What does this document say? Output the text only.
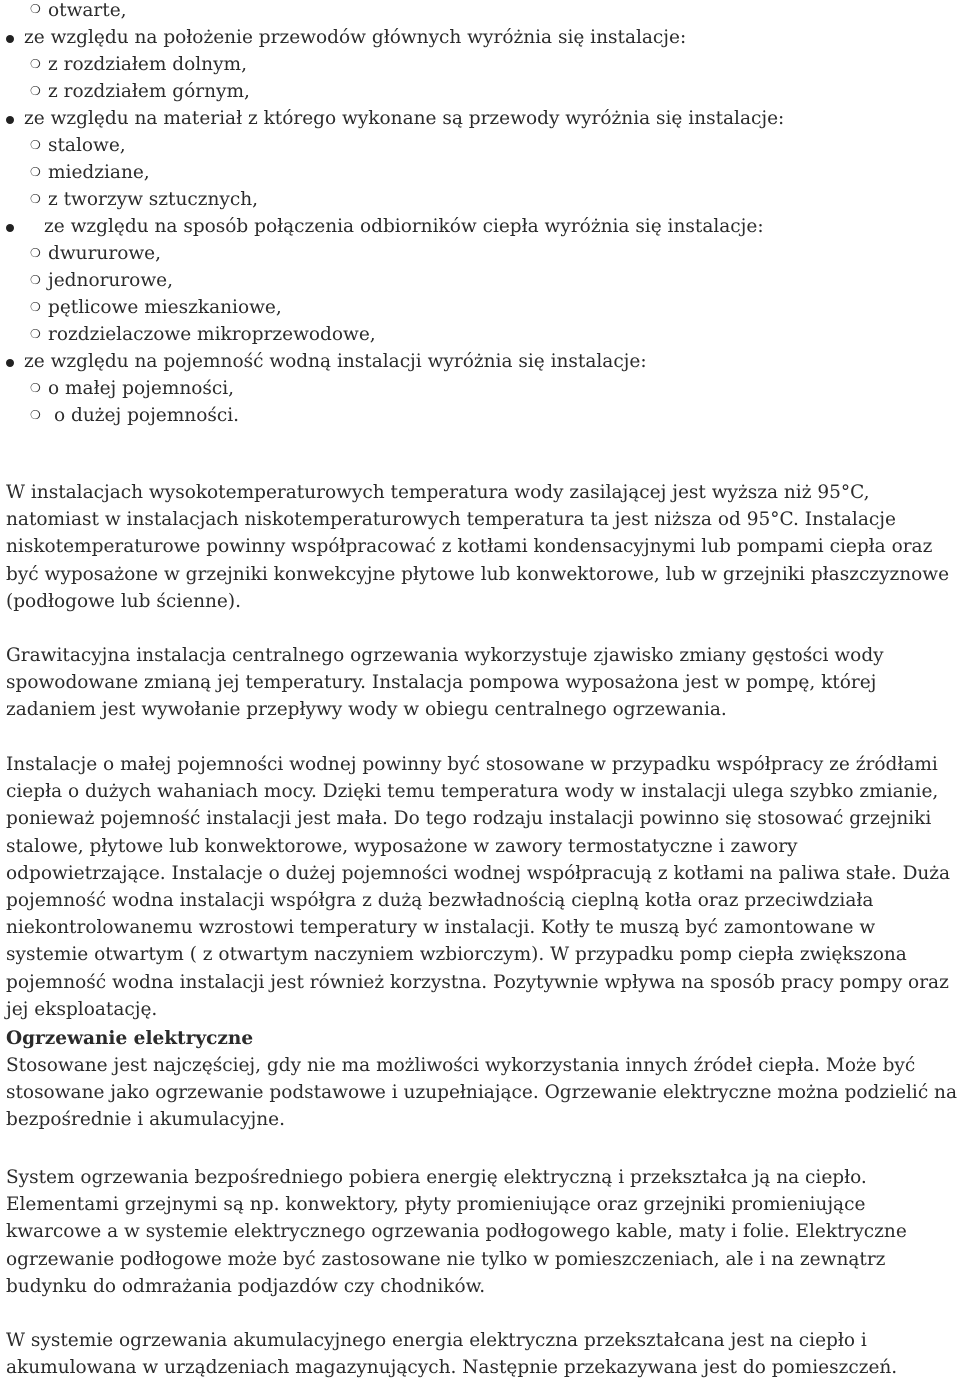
❍ otwarte,
ze względu na położenie przewodów głównych wyróżnia się instalacje:
❍ z rozdziałem dolnym,
❍ z rozdziałem górnym,
ze względu na materiał z którego wykonane są przewody wyróżnia się instalacje:
❍ stalowe,
❍ miedziane,
❍ z tworzyw sztucznych,
ze względu na sposób połączenia odbiorników ciepła wyróżnia się instalacje:
❍ dwururowe,
❍ jednorurowe,
❍ pętlicowe mieszkaniowe,
❍ rozdzielaczowe mikroprzewodowe,
ze względu na pojemność wodną instalacji wyróżnia się instalacje:
❍ o małej pojemności,
❍ o dużej pojemności.

W instalacjach wysokotemperaturowych temperatura wody zasilającej jest wyższa niż 95°C, natomiast w instalacjach niskotemperaturowych temperatura ta jest niższa od 95°C. Instalacje niskotemperaturowe powinny współpracować z kotłami kondensacyjnymi lub pompami ciepła oraz być wyposażone w grzejniki konwekcyjne płytowe lub konwektorowe, lub w grzejniki płaszczyznowe (podłogowe lub ścienne).

Grawitacyjna instalacja centralnego ogrzewania wykorzystuje zjawisko zmiany gęstości wody spowodowane zmianą jej temperatury. Instalacja pompowa wyposażona jest w pompę, której zadaniem jest wywołanie przepływy wody w obiegu centralnego ogrzewania.

Instalacje o małej pojemności wodnej powinny być stosowane w przypadku współpracy ze źródłami ciepła o dużych wahaniach mocy. Dzięki temu temperatura wody w instalacji ulega szybko zmianie, ponieważ pojemność instalacji jest mała. Do tego rodzaju instalacji powinno się stosować grzejniki stalowe, płytowe lub konwektorowe, wyposażone w zawory termostatyczne i zawory odpowietrzające. Instalacje o dużej pojemności wodnej współpracują z kotłami na paliwa stałe. Duża pojemność wodna instalacji współgra z dużą bezwładnością cieplną kotła oraz przeciwdziała niekontrolowanemu wzrostowi temperatury w instalacji. Kotły te muszą być zamontowane w systemie otwartym ( z otwartym naczyniem wzbiorczym). W przypadku pomp ciepła zwiększona pojemność wodna instalacji jest również korzystna. Pozytywnie wpływa na sposób pracy pompy oraz jej eksploatację.

Ogrzewanie elektryczne

Stosowane jest najczęściej, gdy nie ma możliwości wykorzystania innych źródeł ciepła. Może być stosowane jako ogrzewanie podstawowe i uzupełniające. Ogrzewanie elektryczne można podzielić na bezpośrednie i akumulacyjne.

System ogrzewania bezpośredniego pobiera energię elektryczną i przekształca ją na ciepło. Elementami grzejnymi są np. konwektory, płyty promieniujące oraz grzejniki promieniujące kwarcowe a w systemie elektrycznego ogrzewania podłogowego kable, maty i folie. Elektryczne ogrzewanie podłogowe może być zastosowane nie tylko w pomieszczeniach, ale i na zewnątrz budynku do odmrażania podjazdów czy chodników.

W systemie ogrzewania akumulacyjnego energia elektryczna przekształcana jest na ciepło i akumulowana w urządzeniach magazynujących. Następnie przekazywana jest do pomieszczeń.
